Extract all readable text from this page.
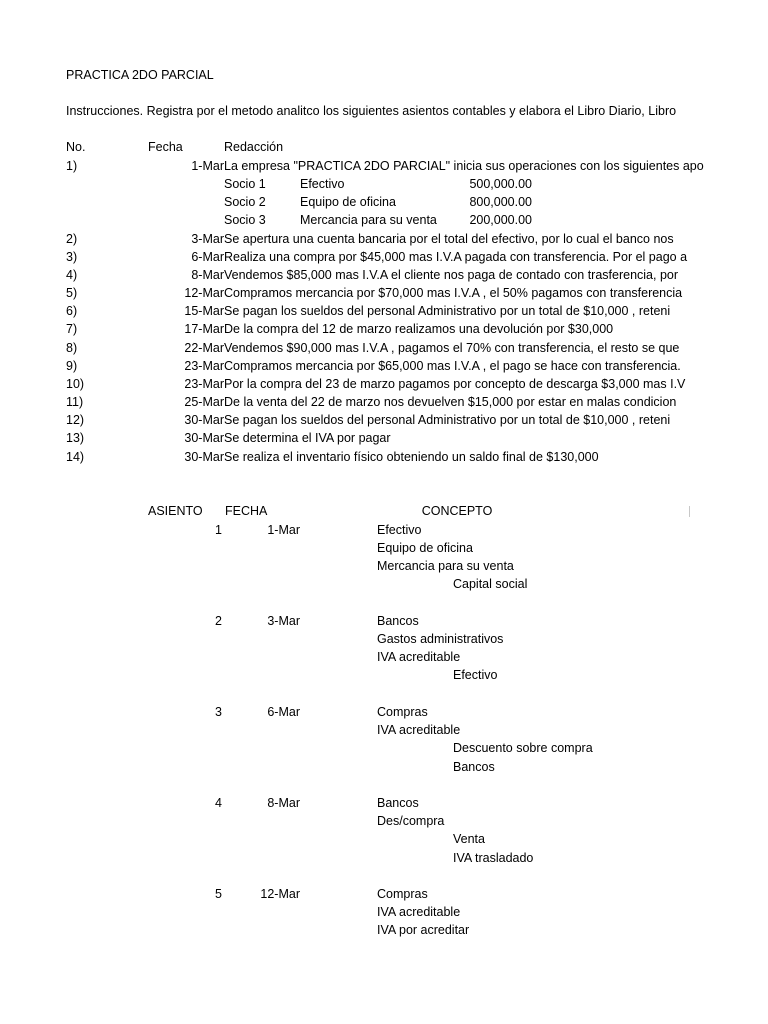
PRACTICA 2DO PARCIAL
Instrucciones. Registra por el metodo analitco los siguientes asientos contables y elabora el Libro Diario, Libro
No.	Fecha	Redacción
1)	1-Mar La empresa "PRACTICA 2DO PARCIAL" inicia sus operaciones con los siguientes apo
Socio 1	Efectivo	500,000.00
Socio 2	Equipo de oficina	800,000.00
Socio 3	Mercancia para su venta	200,000.00
2)	3-Mar Se apertura una cuenta bancaria por el total del efectivo, por lo cual el banco nos
3)	6-Mar Realiza una compra por $45,000 mas I.V.A pagada con transferencia. Por el pago a
4)	8-Mar Vendemos $85,000 mas I.V.A el cliente nos paga de contado con trasferencia, por
5)	12-Mar Compramos mercancia por $70,000 mas I.V.A , el 50% pagamos con transferencia
6)	15-Mar Se pagan los sueldos del personal Administrativo por un total de $10,000 , reteni
7)	17-Mar De la compra del 12 de marzo realizamos una devolución por $30,000
8)	22-Mar Vendemos $90,000 mas I.V.A , pagamos el 70% con transferencia, el resto se que
9)	23-Mar Compramos mercancia por $65,000 mas I.V.A , el pago se hace con transferencia.
10)	23-Mar Por la compra del 23 de marzo pagamos por concepto de descarga $3,000 mas I.V
11)	25-Mar De la venta del 22 de marzo nos devuelven $15,000 por estar en malas condicion
12)	30-Mar Se pagan los sueldos del personal Administrativo por un total de $10,000 , reteni
13)	30-Mar Se determina el IVA por pagar
14)	30-Mar Se realiza el inventario físico obteniendo un saldo final de $130,000
ASIENTO FECHA	CONCEPTO
1	1-Mar	Efectivo
Equipo de oficina
Mercancia para su venta
Capital social
2	3-Mar	Bancos
Gastos administrativos
IVA acreditable
Efectivo
3	6-Mar	Compras
IVA acreditable
Descuento sobre compra
Bancos
4	8-Mar	Bancos
Des/compra
Venta
IVA trasladado
5	12-Mar	Compras
IVA acreditable
IVA por acreditar
